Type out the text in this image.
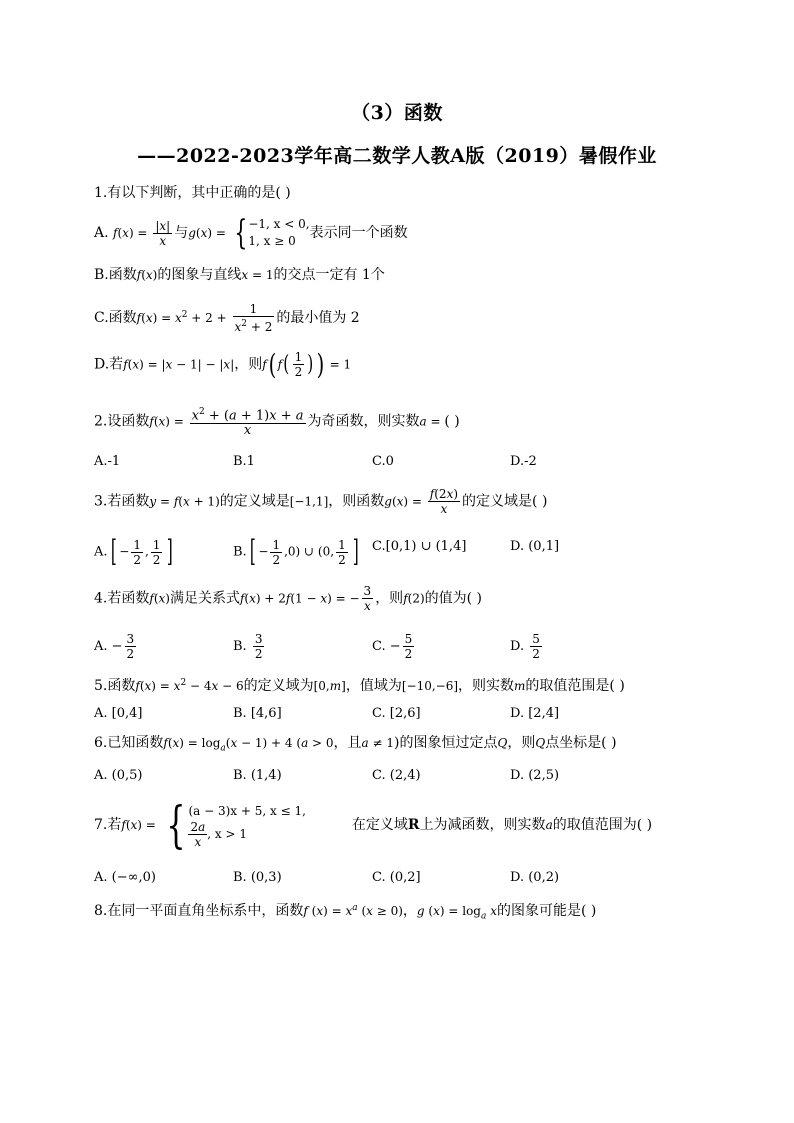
（3）函数
——2022-2023学年高二数学人教A版（2019）暑假作业
1.有以下判断，其中正确的是( )
A. $f(x) = \frac{|x|}{x}$ 与g(x) = { −1, x < 0,
1, x ≥ 0 表示同一个函数
B.函数f(x)的图象与直线x = 1的交点一定有 1个
C.函数$f(x) = x^2 + 2 + \frac{1}{x^2 + 2}$ 的最小值为 2
D.若f(x) = |x − 1| − |x|，则f( $f( \frac{1}{2}$ ) ) = 1
2.设函数$f(x) = \frac{x^2 + (a + 1)x + a}{x}$ 为奇函数，则实数a = ( )
A.-1	B.1	C.0	D.-2
3.若函数y = f(x + 1)的定义域是[−1,1]，则函数$g(x) = \frac{f(2x)}{x}$ 的定义域是( )
$A.[ - \frac{1}{2}$ , $\frac{1}{2}$ ]	$B.[ - \frac{1}{2} ,0)$ ∪ (0, $\frac{1}{2}$ ] C.[0,1) ∪ (1,4]	D. (0,1]
4.若函数f(x)满足关系式f(x) + 2f(1 − x) = − $\frac{3}{x}$ ，则f(2)的值为( )
A. − $\frac{3}{2}$	B. $\frac{3}{2}$	C. − $\frac{5}{2}$	D. $\frac{5}{2}$
5.函数$f(x) = x^2 - 4x - 6$的定义域为[0,m]，值域为[−10,−6]，则实数m的取值范围是( )
A. [0,4]	B. [4,6]	C. [2,6]	D. [2,4]
6.已知函数$f(x) = \log_a(x - 1) + 4$ (a > 0，且a ≠ 1)的图象恒过定点Q，则Q点坐标是( )
A. (0,5)	B. (1,4)	C. (2,4)	D. (2,5)
7.若f(x) = { (a − 3)x + 5, x ≤ 1,
$\frac{2a}{x}$ , x > 1
在定义域R上为减函数，则实数a的取值范围为( )
A. (−∞,0)	B. (0,3)	C. (0,2]	D. (0,2)
8.在同一平面直角坐标系中，函数f $(x) = x^a$ (x ≥ 0)，g $(x) = \log_a x$的图象可能是( )
